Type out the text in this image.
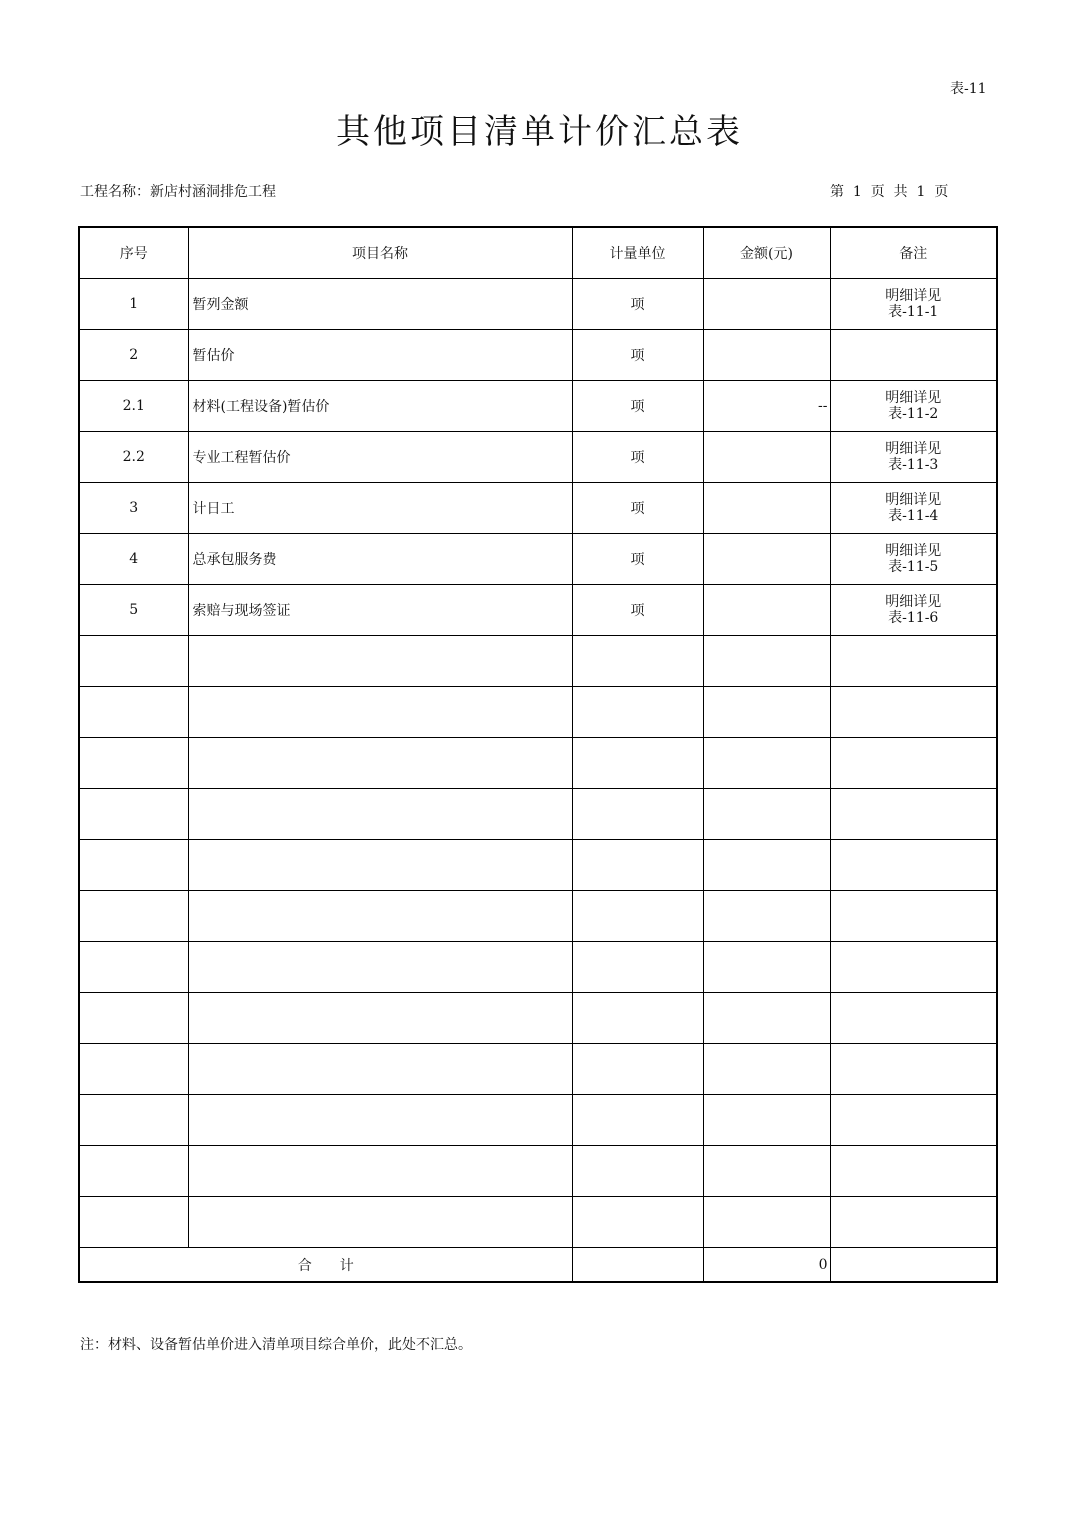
表-11
其他项目清单计价汇总表
工程名称：新店村涵洞排危工程	第  1  页  共  1  页
序号	项目名称	计量单位	金额(元)	备注
1	暂列金额	项		明细详见
表-11-1

2	暂估价	项		

2.1	材料(工程设备)暂估价	项	--	明细详见
表-11-2

2.2	专业工程暂估价	项		明细详见
表-11-3

3	计日工	项		明细详见
表-11-4

4	总承包服务费	项		明细详见
表-11-5

5	索赔与现场签证	项		明细详见
表-11-6

合　　计			0	
注：材料、设备暂估单价进入清单项目综合单价，此处不汇总。
